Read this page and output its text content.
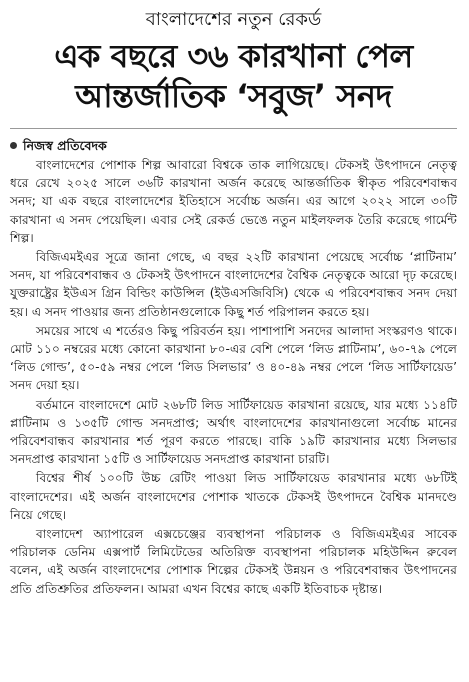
বাংলাদেশের নতুন রেকর্ড
এক বছরে ৩৬ কারখানা পেল
আন্তর্জাতিক ‘সবুজ’ সনদ
নিজস্ব প্রতিবেদক

বাংলাদেশের পোশাক শিল্প আবারো বিশ্বকে তাক লাগিয়েছে। টেকসই উৎপাদনে নেতৃত্ব ধরে রেখে ২০২৫ সালে ৩৬টি কারখানা অর্জন করেছে আন্তর্জাতিক স্বীকৃত পরিবেশবান্ধব সনদ; যা এক বছরে বাংলাদেশের ইতিহাসে সর্বোচ্চ অর্জন। এর আগে ২০২২ সালে ৩০টি কারখানা এ সনদ পেয়েছিল। এবার সেই রেকর্ড ভেঙে নতুন মাইলফলক তৈরি করেছে গার্মেন্ট শিল্প।

বিজিএমইএর সূত্রে জানা গেছে, এ বছর ২২টি কারখানা পেয়েছে সর্বোচ্চ ‘প্লাটিনাম’ সনদ, যা পরিবেশবান্ধব ও টেকসই উৎপাদনে বাংলাদেশের বৈশ্বিক নেতৃত্বকে আরো দৃঢ় করেছে। যুক্তরাষ্ট্রের ইউএস গ্রিন বিল্ডিং কাউন্সিল (ইউএসজিবিসি) থেকে এ পরিবেশবান্ধব সনদ দেয়া হয়। এ সনদ পাওয়ার জন্য প্রতিষ্ঠানগুলোকে কিছু শর্ত পরিপালন করতে হয়।

সময়ের সাথে এ শর্তেরও কিছু পরিবর্তন হয়। পাশাপাশি সনদের আলাদা সংস্করণও থাকে। মোট ১১০ নম্বরের মধ্যে কোনো কারখানা ৮০-এর বেশি পেলে ‘লিড প্লাটিনাম’, ৬০-৭৯ পেলে ‘লিড গোল্ড’, ৫০-৫৯ নম্বর পেলে ‘লিড সিলভার’ ও ৪০-৪৯ নম্বর পেলে ‘লিড সার্টিফায়েড’ সনদ দেয়া হয়।

বর্তমানে বাংলাদেশে মোট ২৬৮টি লিড সার্টিফায়েড কারখানা রয়েছে, যার মধ্যে ১১৪টি প্লাটিনাম ও ১৩৫টি গোল্ড সনদপ্রাপ্ত; অর্থাৎ বাংলাদেশের কারখানাগুলো সর্বোচ্চ মানের পরিবেশবান্ধব কারখানার শর্ত পূরণ করতে পারছে। বাকি ১৯টি কারখানার মধ্যে সিলভার সনদপ্রাপ্ত কারখানা ১৫টি ও সার্টিফায়েড সনদপ্রাপ্ত কারখানা চারটি।

বিশ্বের শীর্ষ ১০০টি উচ্চ রেটিং পাওয়া লিড সার্টিফায়েড কারখানার মধ্যে ৬৮টিই বাংলাদেশের। এই অর্জন বাংলাদেশের পোশাক খাতকে টেকসই উৎপাদনে বৈশ্বিক মানদণ্ডে নিয়ে গেছে।

বাংলাদেশ অ্যাপারেল এক্সচেঞ্জের ব্যবস্থাপনা পরিচালক ও বিজিএমইএর সাবেক পরিচালক ডেনিম এক্সপার্ট লিমিটেডের অতিরিক্ত ব্যবস্থাপনা পরিচালক মহিউদ্দিন রুবেল বলেন, এই অর্জন বাংলাদেশের পোশাক শিল্পের টেকসই উন্নয়ন ও পরিবেশবান্ধব উৎপাদনের প্রতি প্রতিশ্রুতির প্রতিফলন। আমরা এখন বিশ্বের কাছে একটি ইতিবাচক দৃষ্টান্ত।
